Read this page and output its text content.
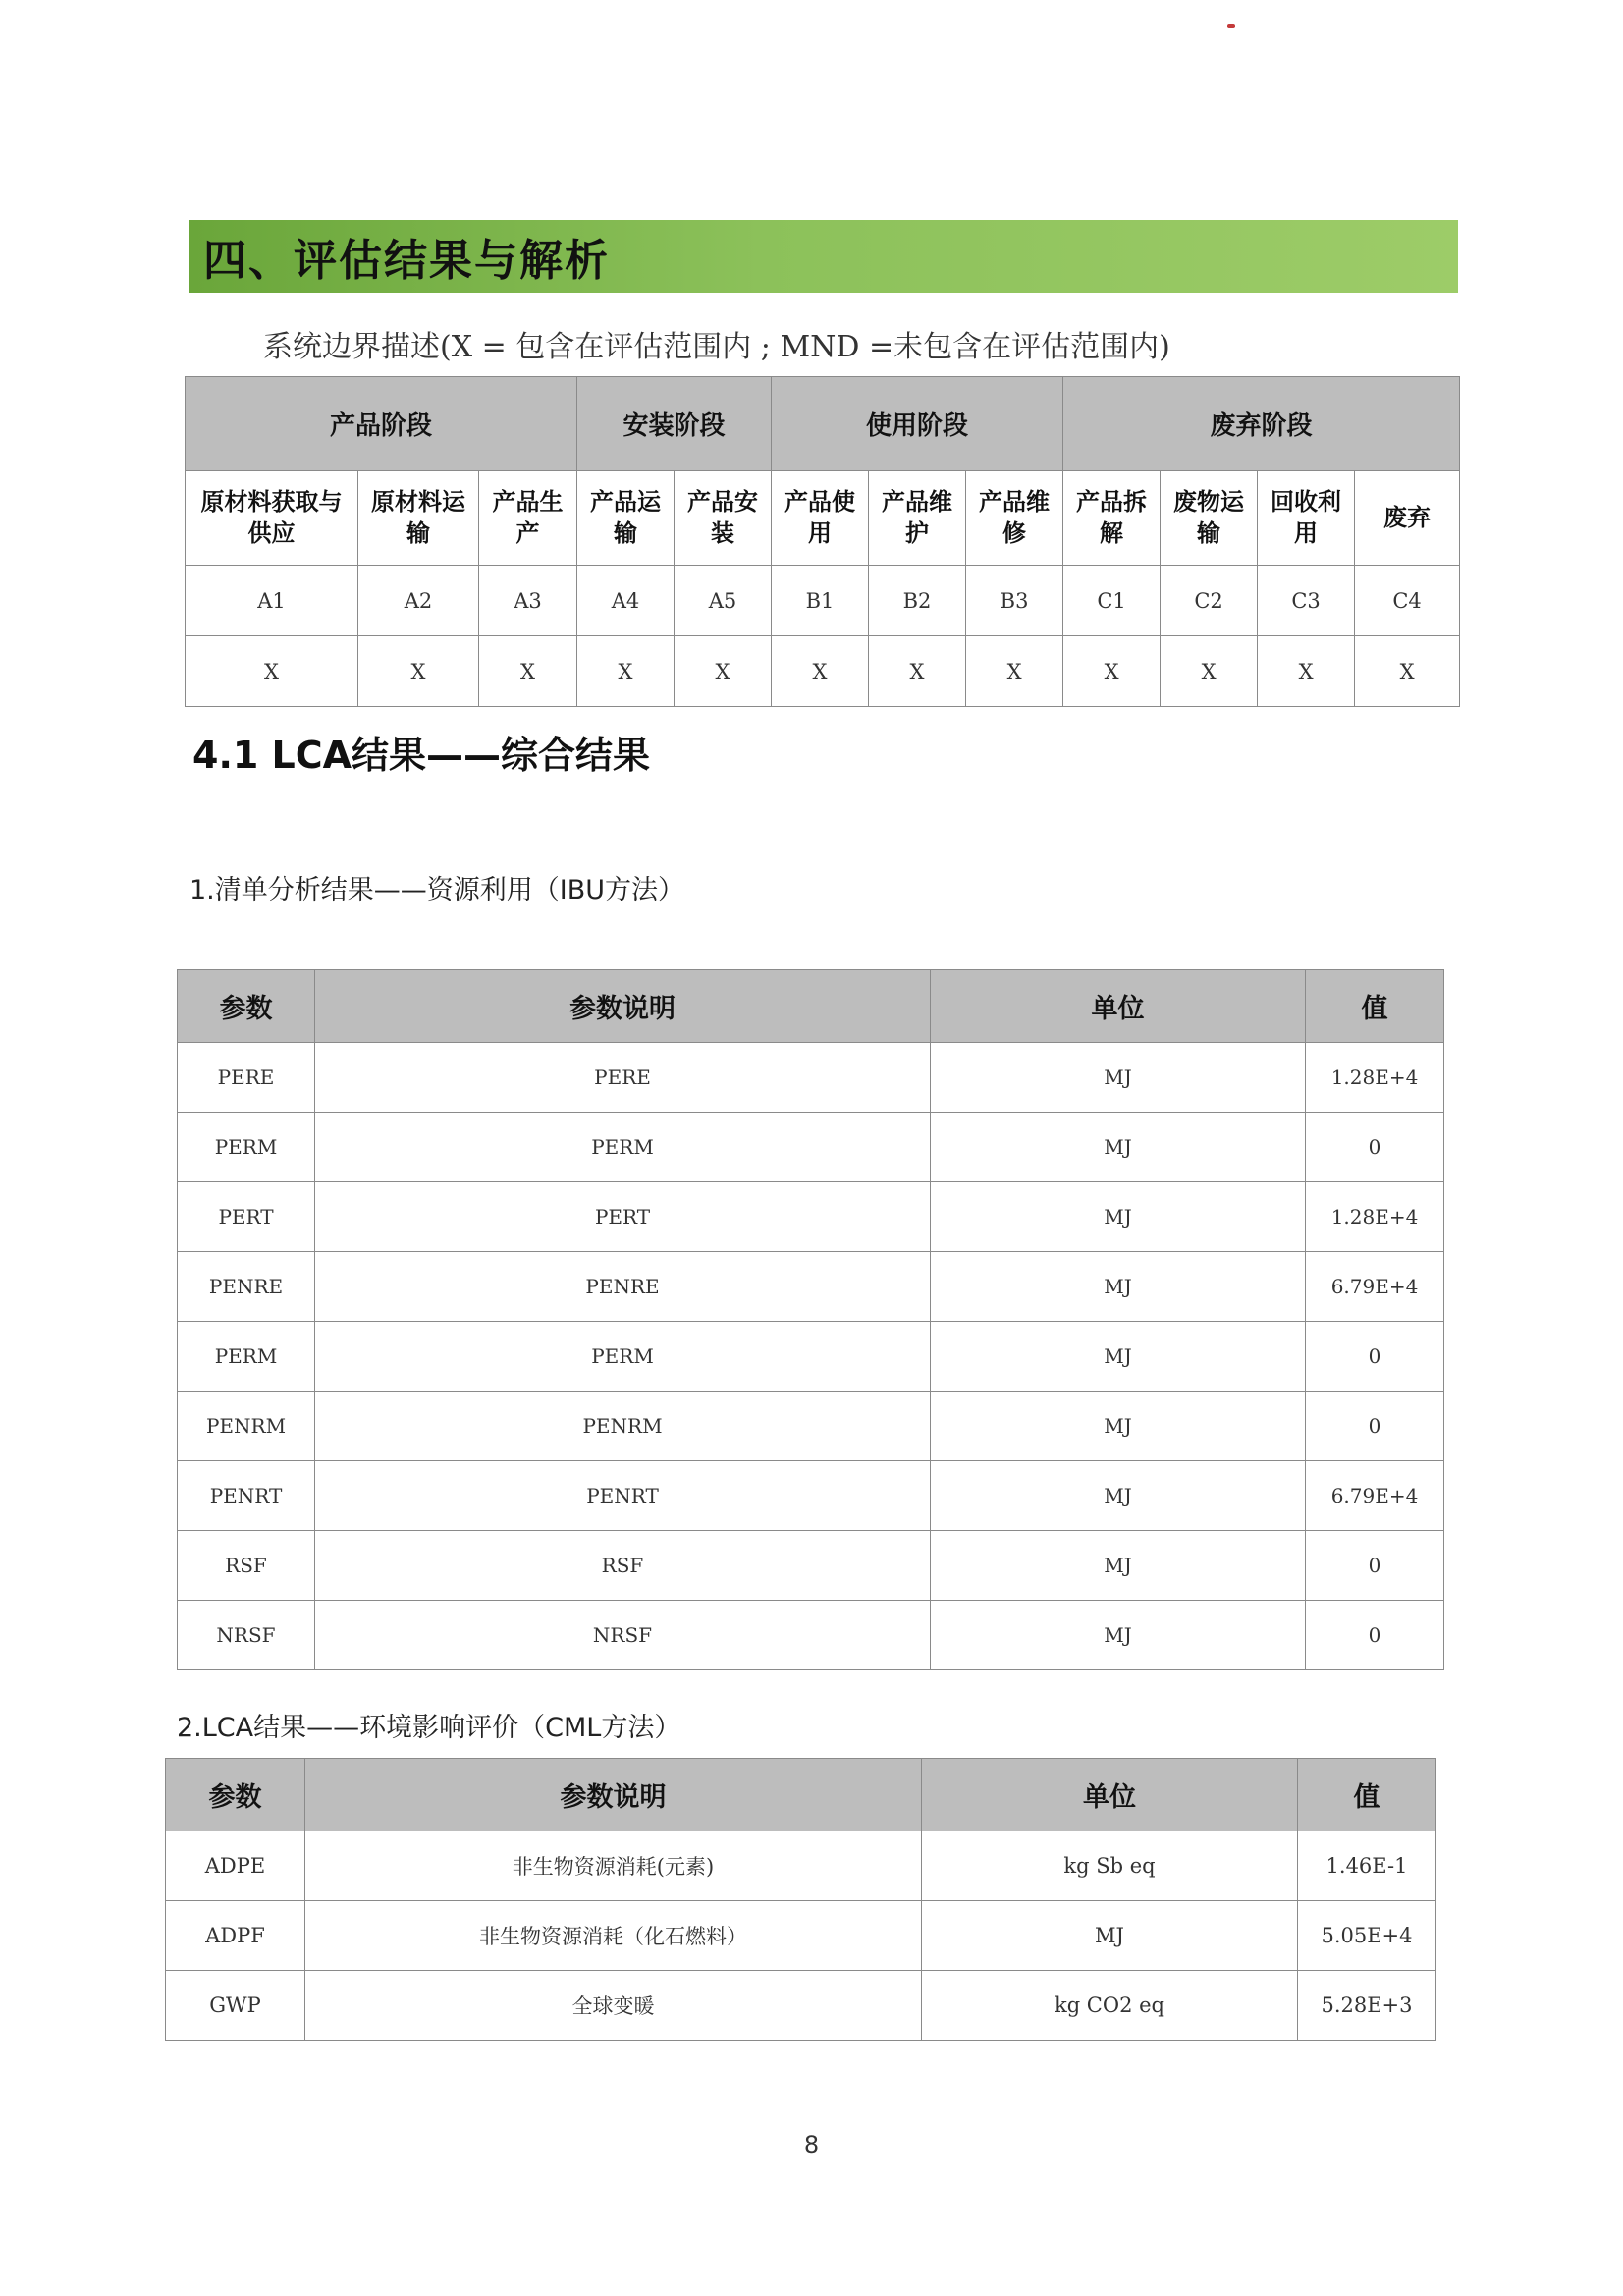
四、评估结果与解析
系统边界描述(X = 包含在评估范围内 ; MND =未包含在评估范围内)
产品阶段			安装阶段		使用阶段			废弃阶段			
原材料获取与供应	原材料运输	产品生产	产品运输	产品安装	产品使用	产品维护	产品维修	产品拆解	废物运输	回收利用	废弃
A1	A2	A3	A4	A5	B1	B2	B3	C1	C2	C3	C4
X	X	X	X	X	X	X	X	X	X	X	X
4.1 LCA结果——综合结果
1.清单分析结果——资源利用（IBU方法）
参数	参数说明	单位	值
PERE	PERE	MJ	1.28E+4
PERM	PERM	MJ	0
PERT	PERT	MJ	1.28E+4
PENRE	PENRE	MJ	6.79E+4
PERM	PERM	MJ	0
PENRM	PENRM	MJ	0
PENRT	PENRT	MJ	6.79E+4
RSF	RSF	MJ	0
NRSF	NRSF	MJ	0
2.LCA结果——环境影响评价（CML方法）
参数	参数说明	单位	值
ADPE	非生物资源消耗(元素)	kg Sb eq	1.46E-1
ADPF	非生物资源消耗（化石燃料）	MJ	5.05E+4
GWP	全球变暖	kg CO2 eq	5.28E+3
8
